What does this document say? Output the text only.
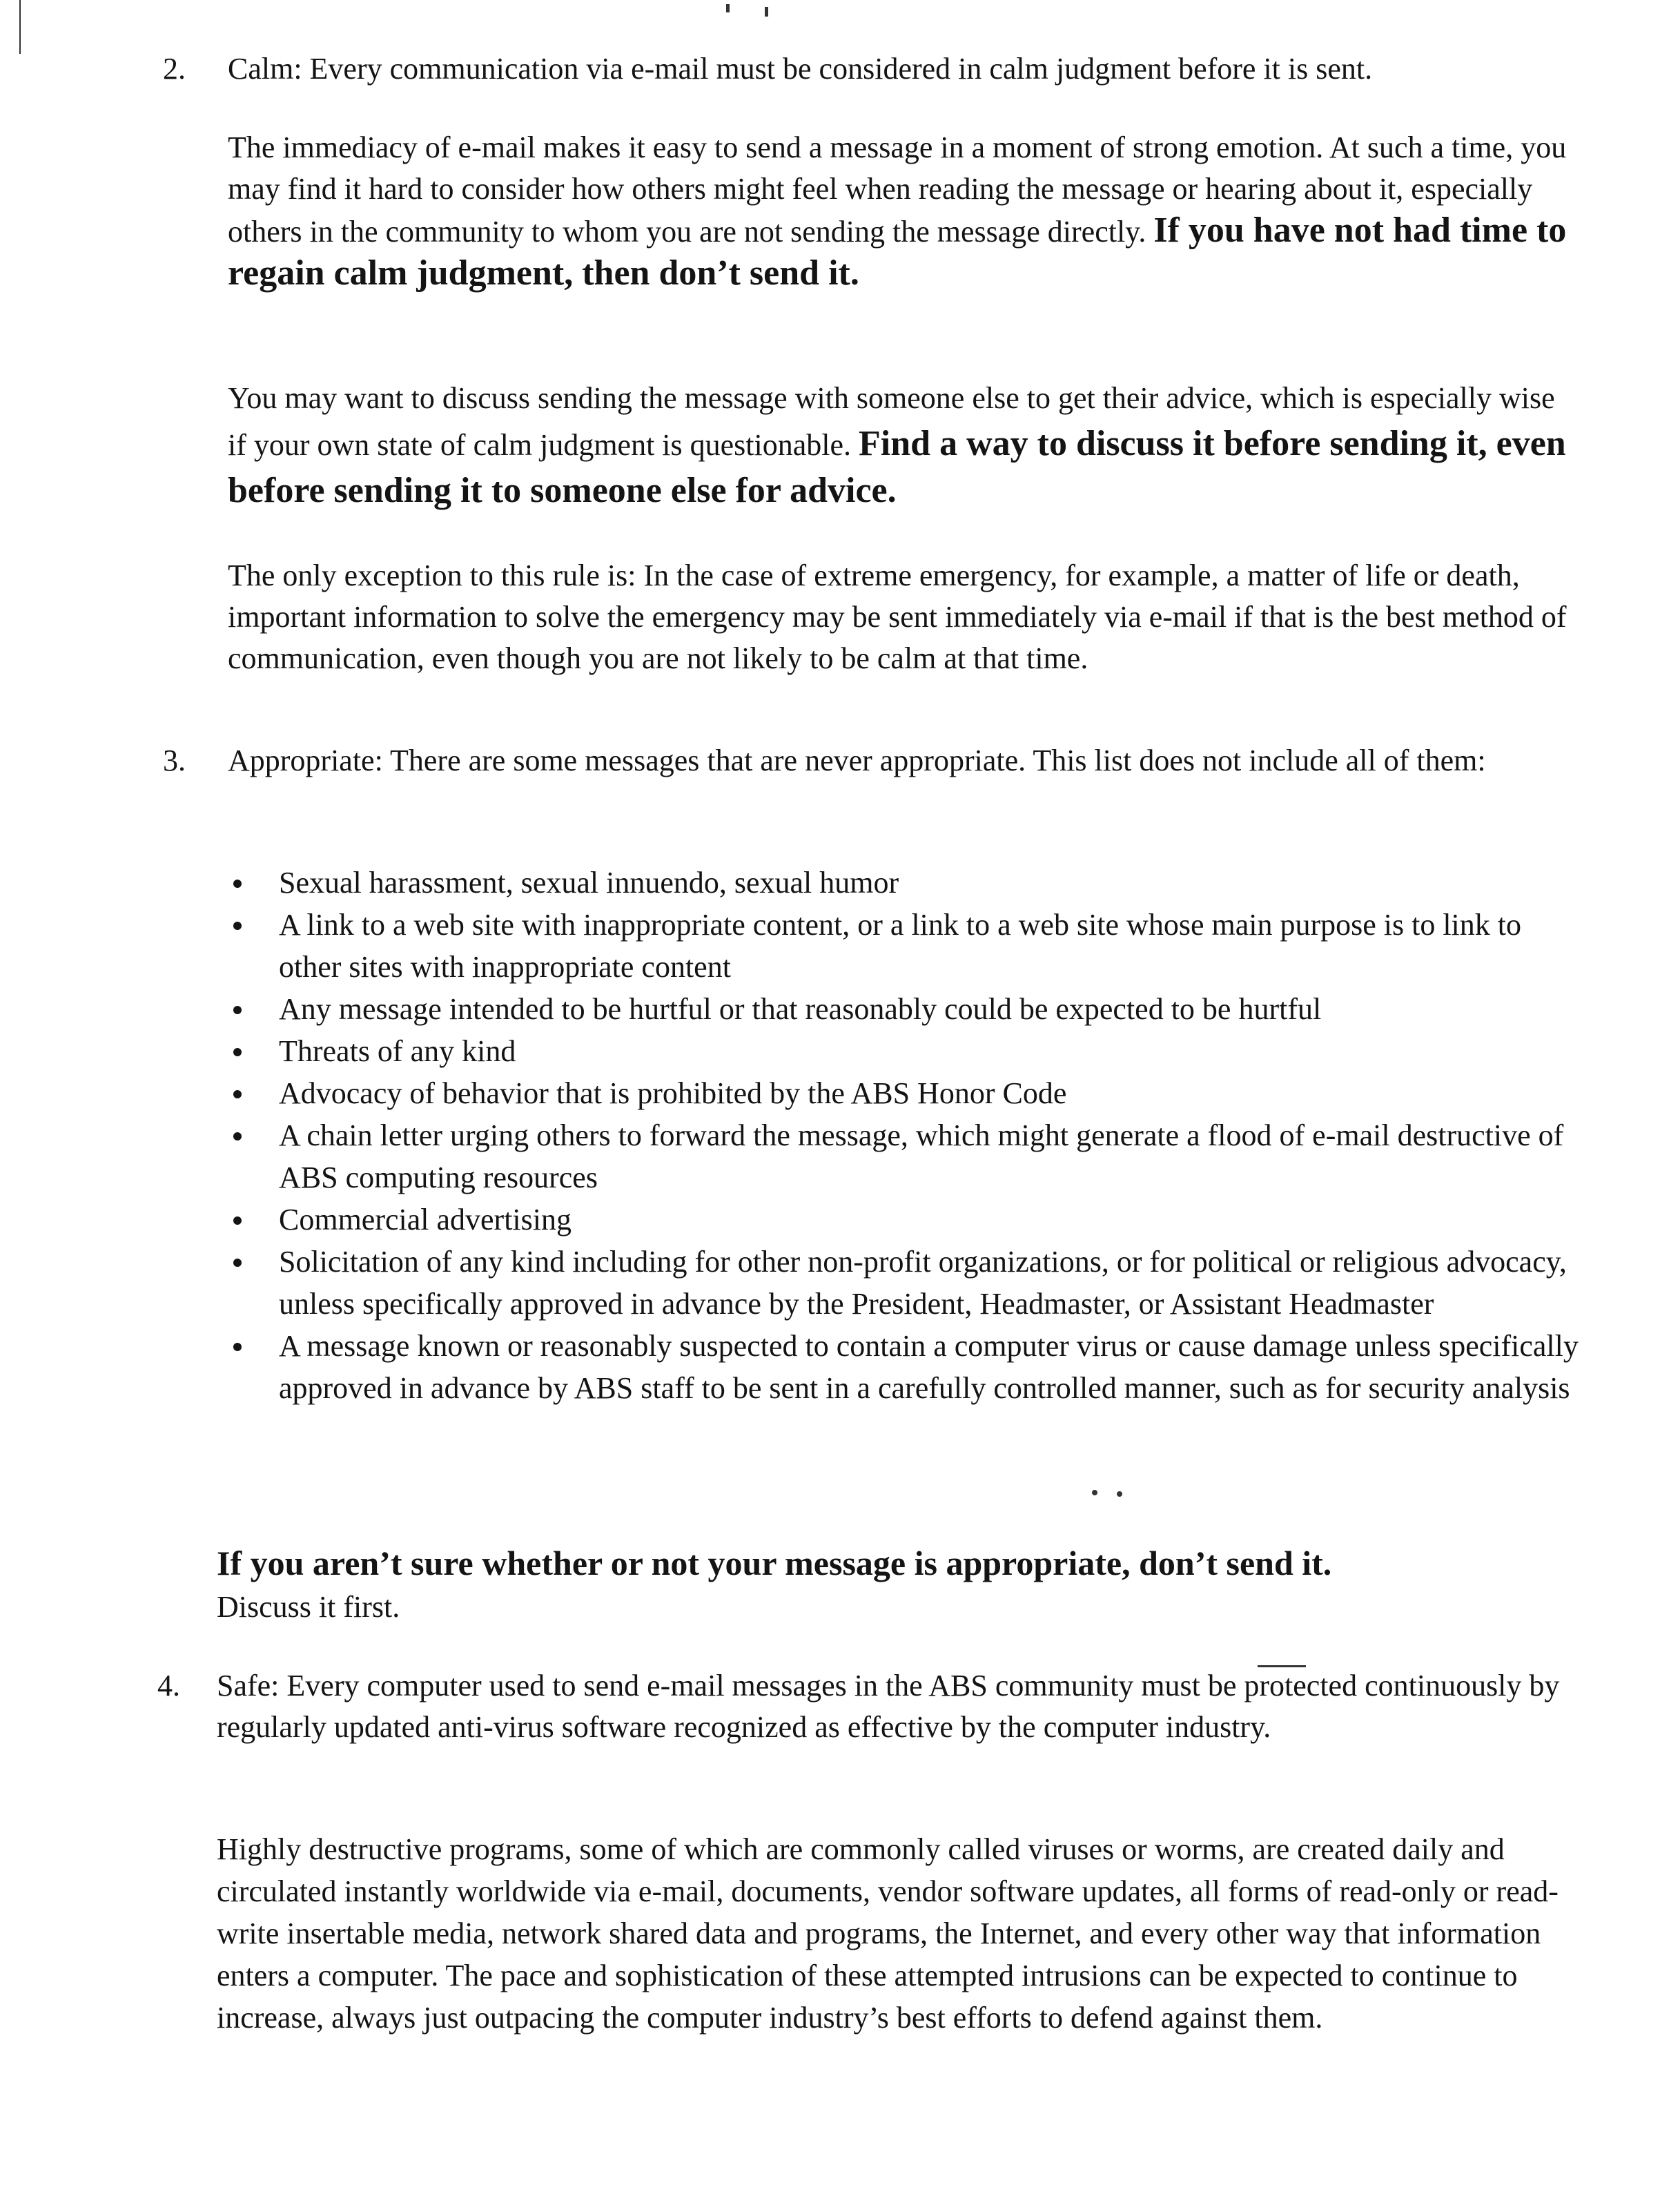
2. Calm: Every communication via e-mail must be considered in calm judgment before it is sent.

The immediacy of e-mail makes it easy to send a message in a moment of strong emotion. At such a time, you may find it hard to consider how others might feel when reading the message or hearing about it, especially others in the community to whom you are not sending the message directly. If you have not had time to regain calm judgment, then don’t send it.

You may want to discuss sending the message with someone else to get their advice, which is especially wise if your own state of calm judgment is questionable. Find a way to discuss it before sending it, even before sending it to someone else for advice.

The only exception to this rule is: In the case of extreme emergency, for example, a matter of life or death, important information to solve the emergency may be sent immediately via e-mail if that is the best method of communication, even though you are not likely to be calm at that time.

3. Appropriate: There are some messages that are never appropriate. This list does not include all of them:
Sexual harassment, sexual innuendo, sexual humor
A link to a web site with inappropriate content, or a link to a web site whose main purpose is to link to other sites with inappropriate content
Any message intended to be hurtful or that reasonably could be expected to be hurtful
Threats of any kind
Advocacy of behavior that is prohibited by the ABS Honor Code
A chain letter urging others to forward the message, which might generate a flood of e-mail destructive of ABS computing resources
Commercial advertising
Solicitation of any kind including for other non-profit organizations, or for political or religious advocacy, unless specifically approved in advance by the President, Headmaster, or Assistant Headmaster
A message known or reasonably suspected to contain a computer virus or cause damage unless specifically approved in advance by ABS staff to be sent in a carefully controlled manner, such as for security analysis
If you aren’t sure whether or not your message is appropriate, don’t send it.
Discuss it first.
4. Safe: Every computer used to send e-mail messages in the ABS community must be protected continuously by regularly updated anti-virus software recognized as effective by the computer industry.

Highly destructive programs, some of which are commonly called viruses or worms, are created daily and circulated instantly worldwide via e-mail, documents, vendor software updates, all forms of read-only or read-write insertable media, network shared data and programs, the Internet, and every other way that information enters a computer. The pace and sophistication of these attempted intrusions can be expected to continue to increase, always just outpacing the computer industry’s best efforts to defend against them.
